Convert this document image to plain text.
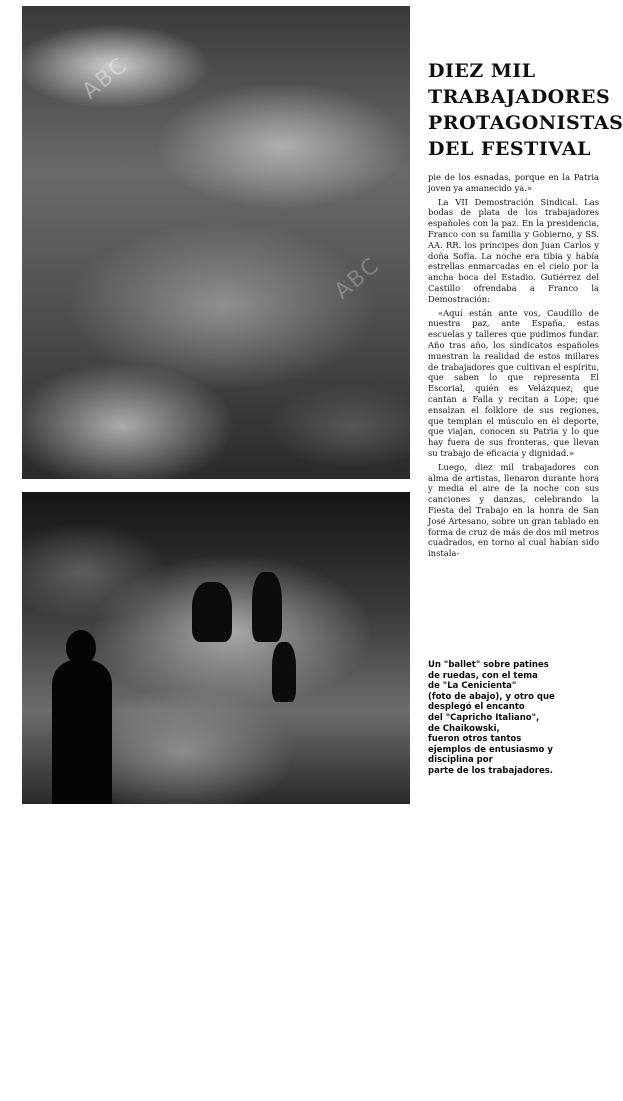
ABC
ABC
ABC
DIEZ MIL
TRABAJADORES
PROTAGONISTAS
DEL FESTIVAL

pie de los esnadas, porque en la Patria joven ya amanecido ya.»

La VII Demostración Sindical. Las bodas de plata de los trabajadores españoles con la paz. En la presidencia, Franco con su familia y Gobierno, y SS. AA. RR. los príncipes don Juan Carlos y doña Sofía. La noche era tibia y había estrellas enmarcadas en el cielo por la ancha boca del Estadio. Gutiérrez del Castillo ofrendaba a Franco la Demostración:

«Aquí están ante vos, Caudillo de nuestra paz, ante España, estas escuelas y talleres que pudimos fundar. Año tras año, los sindicatos españoles muestran la realidad de estos millares de trabajadores que cultivan el espíritu, que saben lo que representa El Escorial, quién es Velázquez; que cantan a Falla y recitan a Lope; que ensalzan el folklore de sus regiones, que templan el músculo en el deporte, que viajan, conocen su Patria y lo que hay fuera de sus fronteras, que llevan su trabajo de eficacia y dignidad.»

Luego, diez mil trabajadores con alma de artistas, llenaron durante hora y media el aire de la noche con sus canciones y danzas, celebrando la Fiesta del Trabajo en la honra de San José Artesano, sobre un gran tablado en forma de cruz de más de dos mil metros cuadrados, en torno al cual habían sido instala-

Un "ballet" sobre patines
de ruedas, con el tema
de "La Cenicienta"
(foto de abajo), y otro que
desplegó el encanto
del "Capricho Italiano",
de Chaikowski,
fueron otros tantos
ejemplos de entusiasmo y
disciplina por
parte de los trabajadores.
